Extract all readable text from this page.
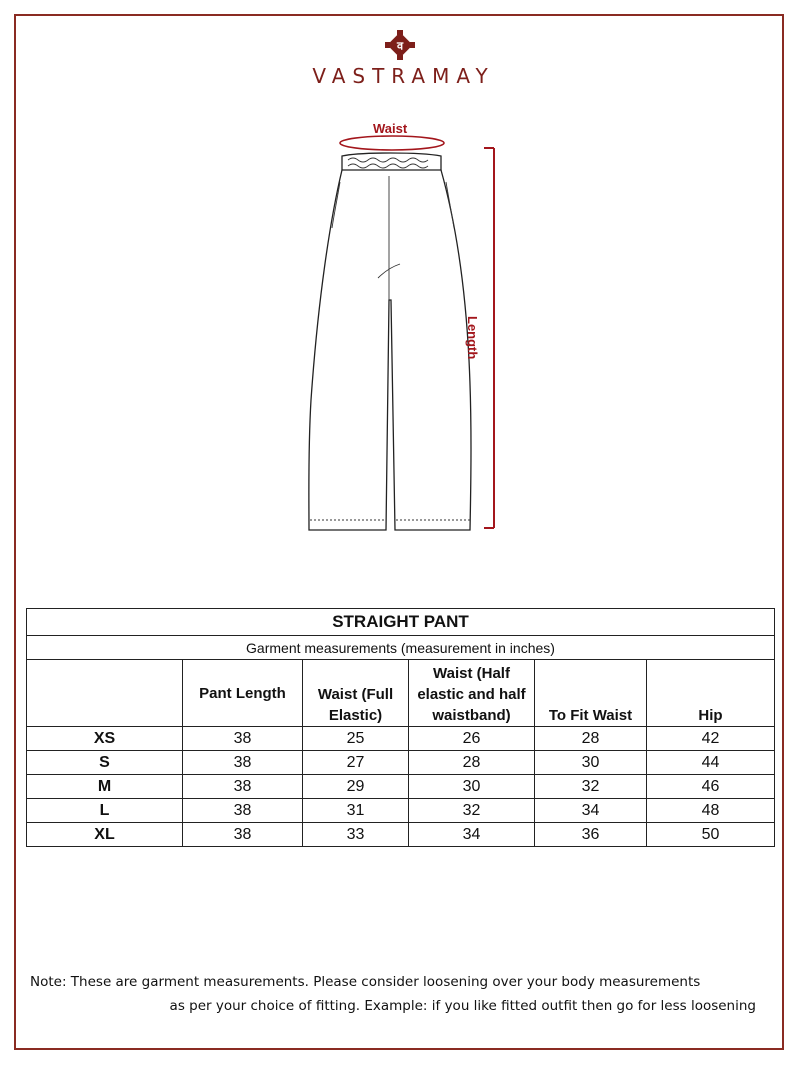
व
VASTRAMAY
Waist
Length
STRAIGHT PANT					
Garment measurements (measurement in inches)					
	Pant Length	Waist (Full Elastic)	Waist (Half elastic and half waistband)	To Fit Waist	Hip
XS	38	25	26	28	42
S	38	27	28	30	44
M	38	29	30	32	46
L	38	31	32	34	48
XL	38	33	34	36	50
Note: These are garment measurements. Please consider loosening over your body measurements
as per your choice of fitting. Example: if you like fitted outfit then go for less loosening
